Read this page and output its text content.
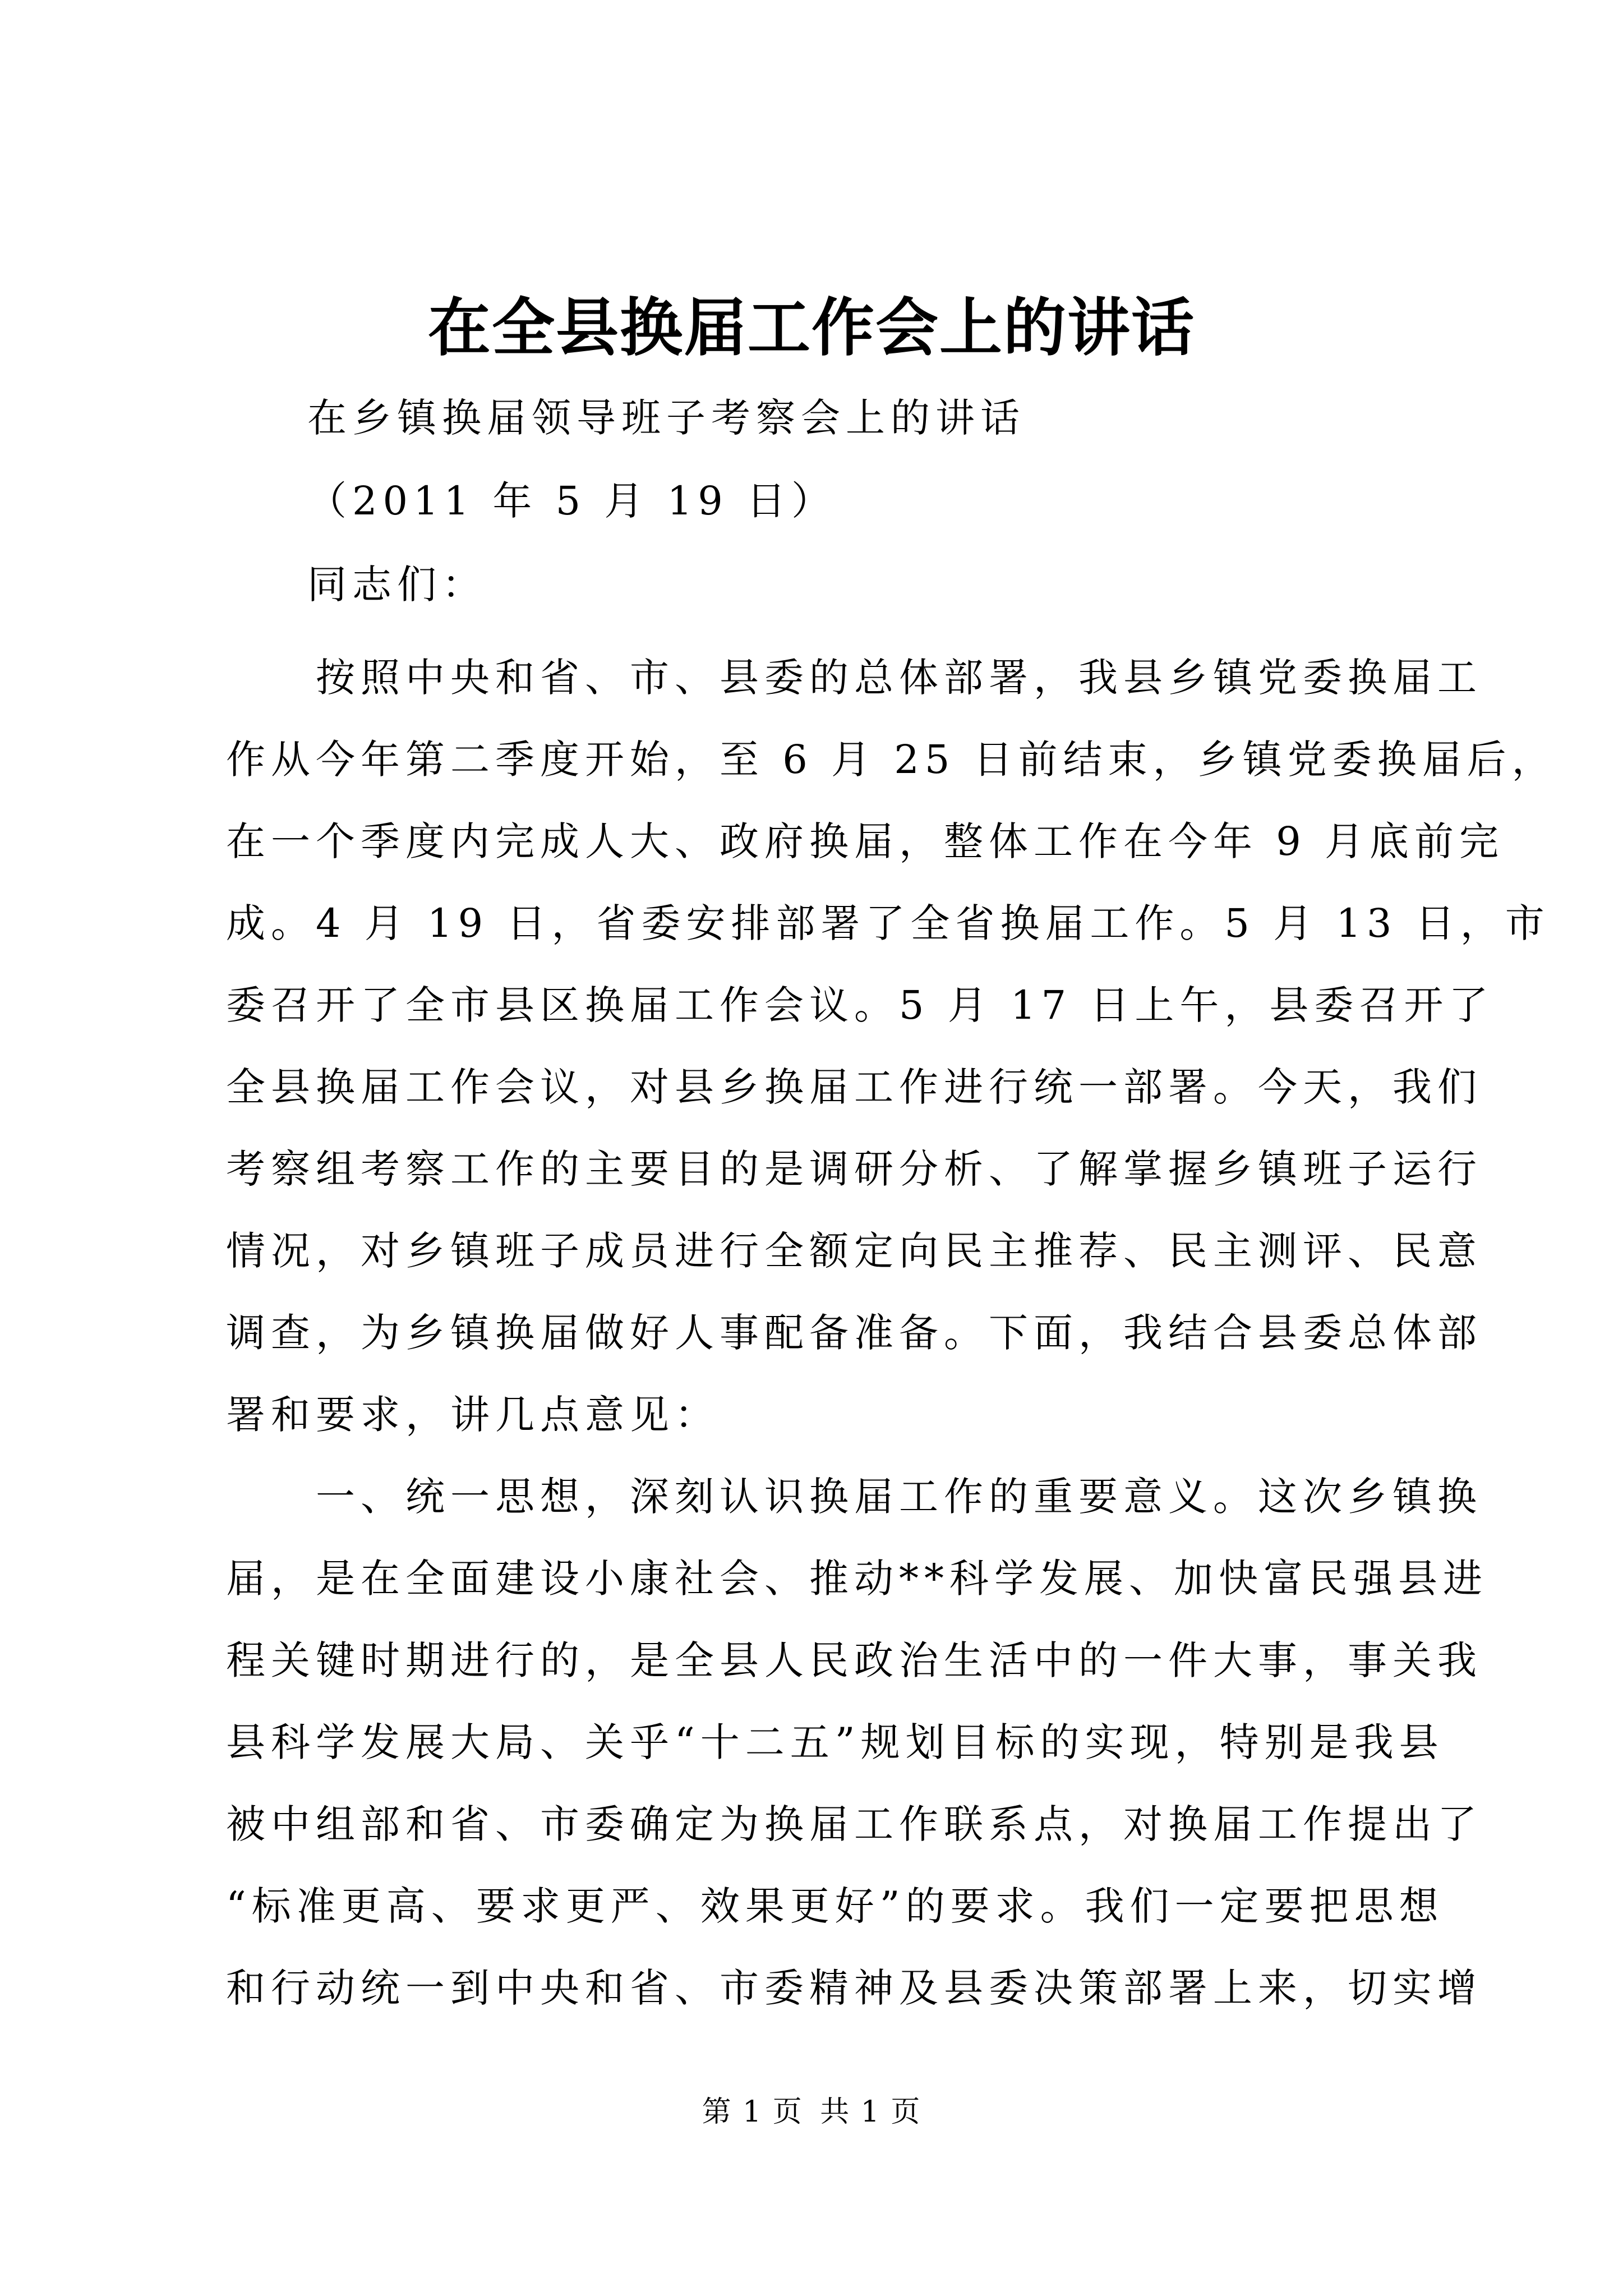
在全县换届工作会上的讲话

在乡镇换届领导班子考察会上的讲话

（2011 年 5 月 19 日）

同志们：

　　按照中央和省、市、县委的总体部署，我县乡镇党委换届工

作从今年第二季度开始，至 6 月 25 日前结束，乡镇党委换届后，

在一个季度内完成人大、政府换届，整体工作在今年 9 月底前完

成。4 月 19 日，省委安排部署了全省换届工作。5 月 13 日，市

委召开了全市县区换届工作会议。5 月 17 日上午，县委召开了

全县换届工作会议，对县乡换届工作进行统一部署。今天，我们

考察组考察工作的主要目的是调研分析、了解掌握乡镇班子运行

情况，对乡镇班子成员进行全额定向民主推荐、民主测评、民意

调查，为乡镇换届做好人事配备准备。下面，我结合县委总体部

署和要求，讲几点意见：

　　一、统一思想，深刻认识换届工作的重要意义。这次乡镇换

届，是在全面建设小康社会、推动**科学发展、加快富民强县进

程关键时期进行的，是全县人民政治生活中的一件大事，事关我

县科学发展大局、关乎“十二五”规划目标的实现，特别是我县

被中组部和省、市委确定为换届工作联系点，对换届工作提出了

“标准更高、要求更严、效果更好”的要求。我们一定要把思想

和行动统一到中央和省、市委精神及县委决策部署上来，切实增

第 1 页 共 1 页
